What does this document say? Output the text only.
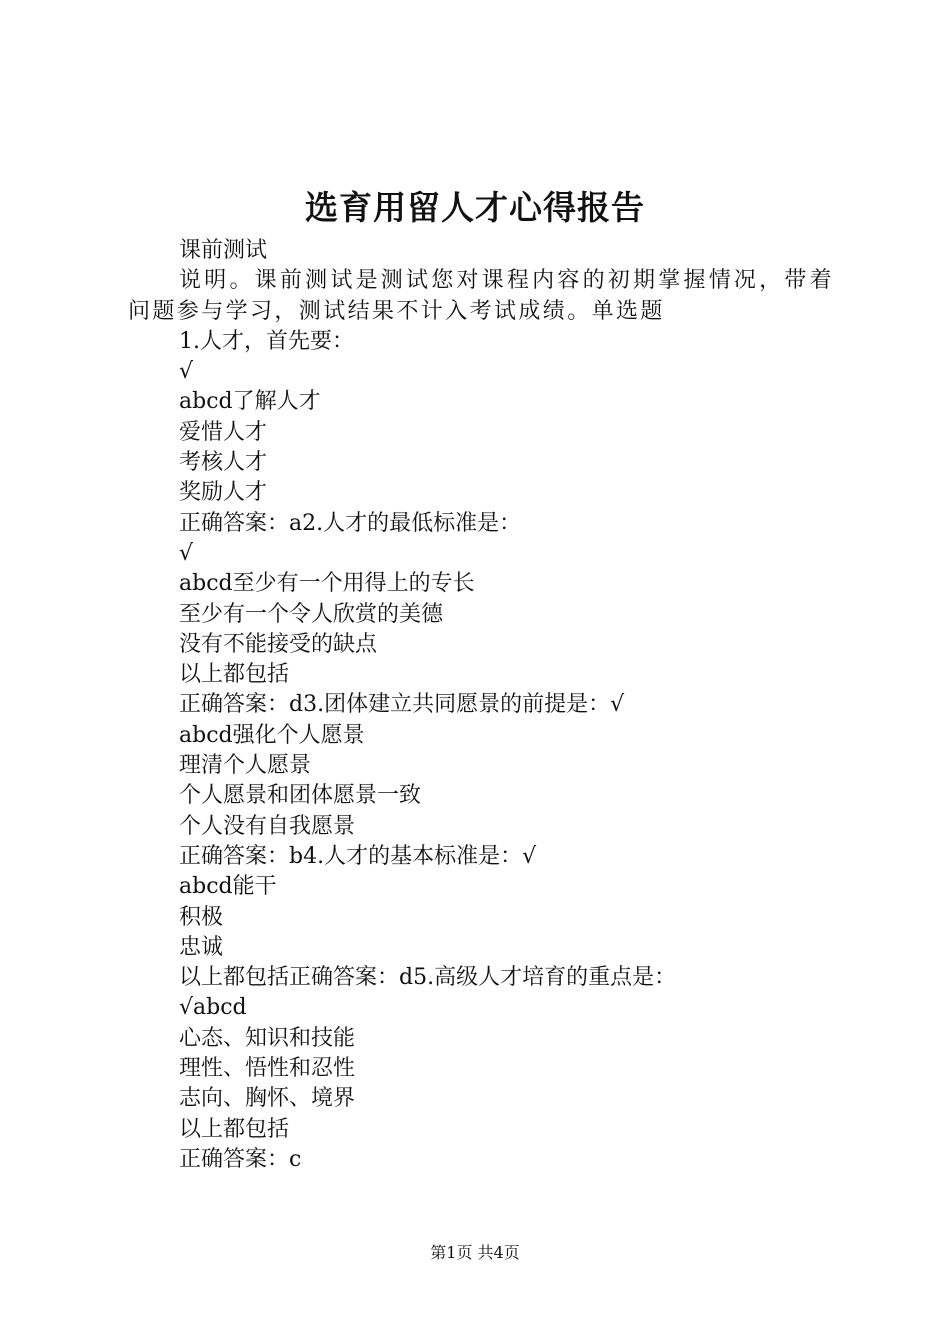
选育用留人才心得报告
课前测试
说明。课前测试是测试您对课程内容的初期掌握情况，带着问题参与学习，测试结果不计入考试成绩。单选题
1.人才，首先要：
√
abcd了解人才
爱惜人才
考核人才
奖励人才
正确答案：a2.人才的最低标准是：
√
abcd至少有一个用得上的专长
至少有一个令人欣赏的美德
没有不能接受的缺点
以上都包括
正确答案：d3.团体建立共同愿景的前提是：√
abcd强化个人愿景
理清个人愿景
个人愿景和团体愿景一致
个人没有自我愿景
正确答案：b4.人才的基本标准是：√
abcd能干
积极
忠诚
以上都包括正确答案：d5.高级人才培育的重点是：
√abcd
心态、知识和技能
理性、悟性和忍性
志向、胸怀、境界
以上都包括
正确答案：c
第1页 共4页
